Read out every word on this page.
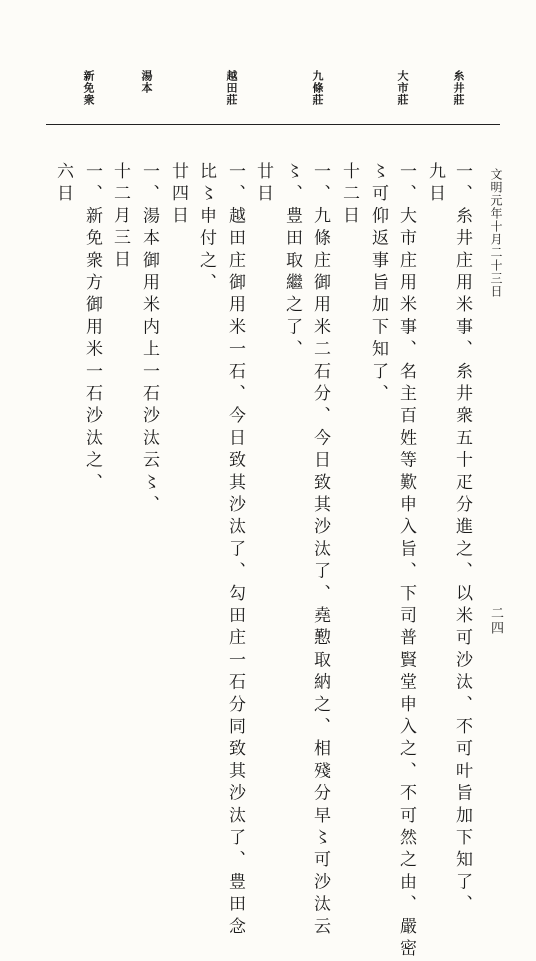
糸井莊
大市莊
九條莊
越田莊
湯本
新免衆
文明元年十月二十三日
二四
一、糸井庄用米事、糸井衆五十疋分進之、以米可沙汰、不可叶旨加下知了、
九日
一、大市庄用米事、名主百姓等歎申入旨、下司普賢堂申入之、不可然之由、嚴密
〻可仰返事旨加下知了、
十二日
一、九條庄御用米二石分、今日致其沙汰了、堯懃取納之、相殘分早〻可沙汰云
〻、豊田取繼之了、
廿日
一、越田庄御用米一石、今日致其沙汰了、勾田庄一石分同致其沙汰了、豊田念
比〻申付之、
廿四日
一、湯本御用米内上一石沙汰云〻、
十二月三日
一、新免衆方御用米一石沙汰之、
六日
